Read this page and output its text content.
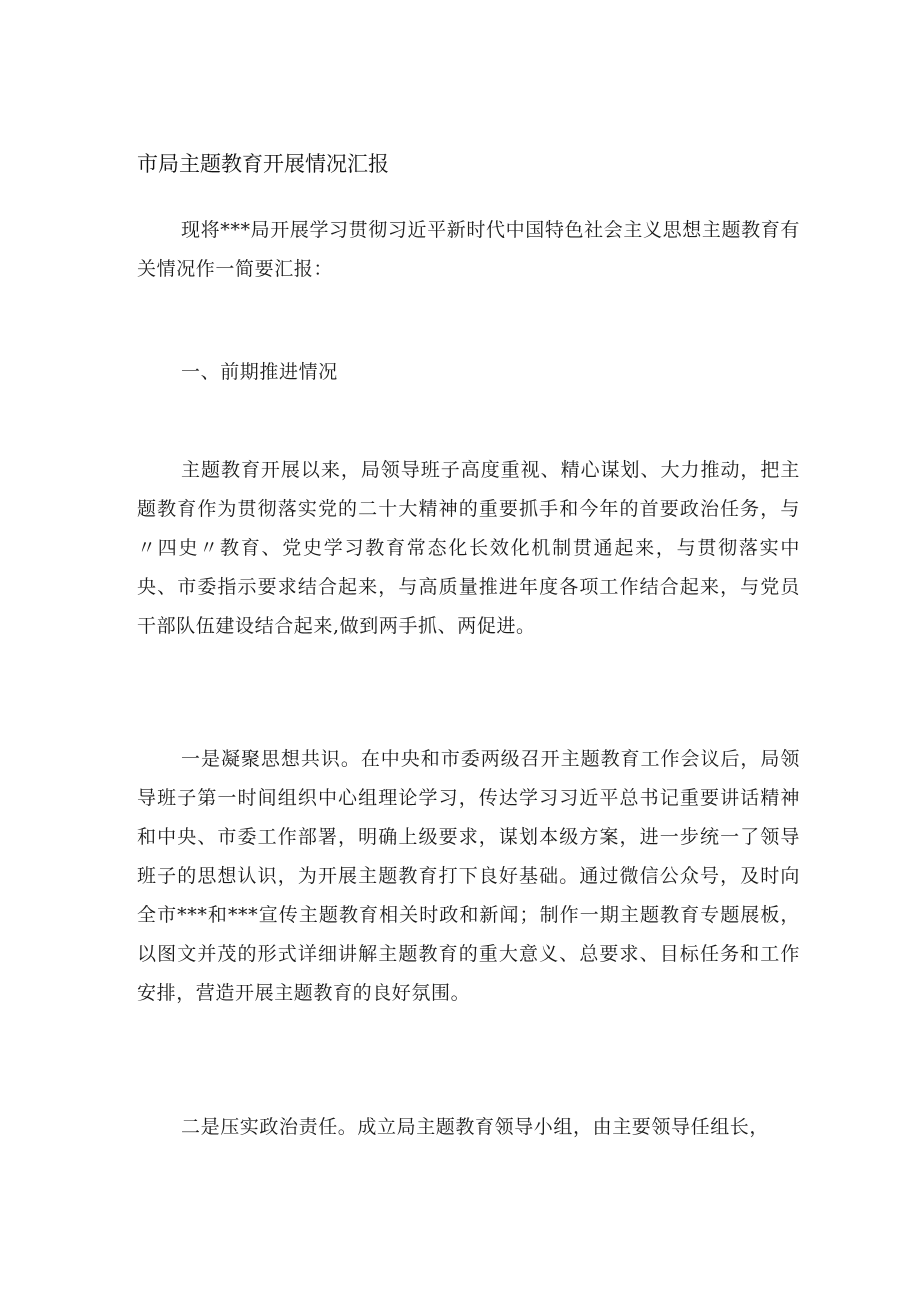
市局主题教育开展情况汇报

现将***局开展学习贯彻习近平新时代中国特色社会主义思想主题教育有关情况作一简要汇报：

一、前期推进情况

主题教育开展以来，局领导班子高度重视、精心谋划、大力推动，把主题教育作为贯彻落实党的二十大精神的重要抓手和今年的首要政治任务，与〃四史〃教育、党史学习教育常态化长效化机制贯通起来，与贯彻落实中央、市委指示要求结合起来，与高质量推进年度各项工作结合起来，与党员干部队伍建设结合起来,做到两手抓、两促进。

一是凝聚思想共识。在中央和市委两级召开主题教育工作会议后，局领导班子第一时间组织中心组理论学习，传达学习习近平总书记重要讲话精神和中央、市委工作部署，明确上级要求，谋划本级方案，进一步统一了领导班子的思想认识，为开展主题教育打下良好基础。通过微信公众号，及时向全市***和***宣传主题教育相关时政和新闻；制作一期主题教育专题展板，以图文并茂的形式详细讲解主题教育的重大意义、总要求、目标任务和工作安排，营造开展主题教育的良好氛围。

二是压实政治责任。成立局主题教育领导小组，由主要领导任组长，
